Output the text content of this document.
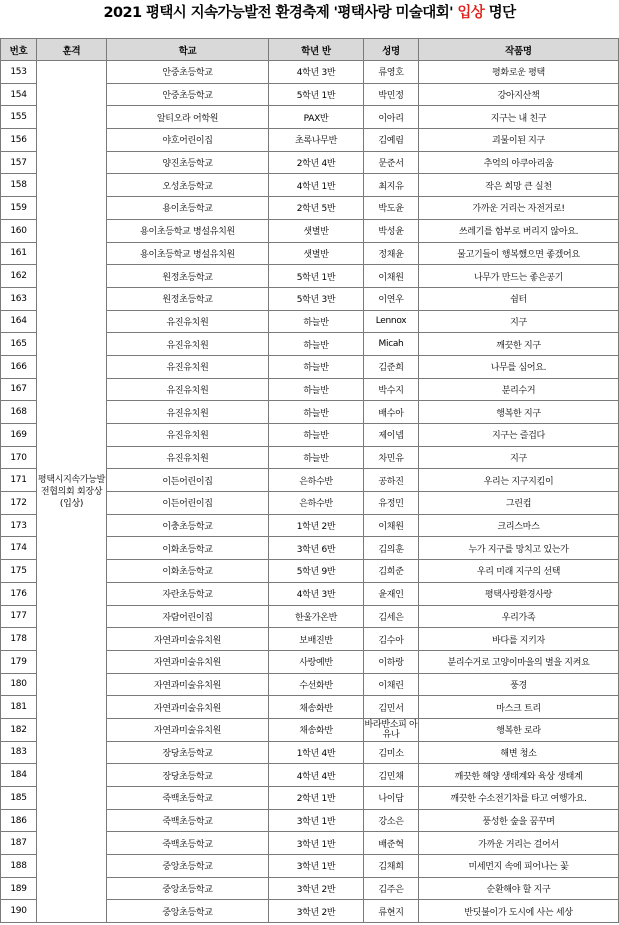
2021 평택시 지속가능발전 환경축제 '평택사랑 미술대회' 입상 명단
번호	훈격	학교	학년 반	성명	작품명
153	평택시지속가능발전협의회 회장상(입상)	안중초등학교	4학년 3반	류영호	평화로운 평택
154		안중초등학교	5학년 1반	박민정	강아지산책
155		알티오라 어학원	PAX반	이아리	지구는 내 친구
156		야호어린이집	초록나무반	김예림	괴물이된 지구
157		양진초등학교	2학년 4반	문준서	추억의 아쿠아리움
158		오성초등학교	4학년 1반	최지유	작은 희망 큰 실천
159		용이초등학교	2학년 5반	박도윤	가까운 거리는 자전거로!
160		용이초등학교 병설유치원	샛별반	박성윤	쓰레기를 함부로 버리지 않아요.
161		용이초등학교 병설유치원	샛별반	정채윤	물고기들이 행복했으면 좋겠어요
162		원정초등학교	5학년 1반	이채원	나무가 만드는 좋은공기
163		원정초등학교	5학년 3반	이연우	쉼터
164		유진유치원	하늘반	Lennox	지구
165		유진유치원	하늘반	Micah	깨끗한 지구
166		유진유치원	하늘반	김준희	나무를 심어요.
167		유진유치원	하늘반	박수지	분리수거
168		유진유치원	하늘반	배수아	행복한 지구
169		유진유치원	하늘반	제이넵	지구는 즐겁다
170		유진유치원	하늘반	차민유	지구
171		이든어린이집	은하수반	공하진	우리는 지구지킴이
172		이든어린이집	은하수반	유정민	그린컵
173		이충초등학교	1학년 2반	이채원	크리스마스
174		이화초등학교	3학년 6반	김의훈	누가 지구를 망치고 있는가
175		이화초등학교	5학년 9반	김희준	우리 미래 지구의 선택
176		자란초등학교	4학년 3반	윤재인	평택사랑환경사랑
177		자람어린이집	한울가온반	김세은	우리가족
178		자연과미술유치원	보배진반	김수아	바다를 지키자
179		자연과미술유치원	사랑예반	이하랑	분리수거로 고양이마을의 별을 지켜요
180		자연과미술유치원	수선화반	이채린	풍경
181		자연과미술유치원	채송화반	김민서	마스크 트리
182		자연과미술유치원	채송화반	바라반소피 아유나	행복한 로라
183		장당초등학교	1학년 4반	김미소	해변 청소
184		장당초등학교	4학년 4반	김민채	깨끗한 해양 생태계와 육상 생태계
185		죽백초등학교	2학년 1반	나이담	깨끗한 수소전기차를 타고 여행가요.
186		죽백초등학교	3학년 1반	강소은	풍성한 숲을 꿈꾸며
187		죽백초등학교	3학년 1반	배준혁	가까운 거리는 걸어서
188		중앙초등학교	3학년 1반	김채희	미세먼지 속에 피어나는 꽃
189		중앙초등학교	3학년 2반	김주은	순환해야 할 지구
190		중앙초등학교	3학년 2반	류현지	반딧불이가 도시에 사는 세상
